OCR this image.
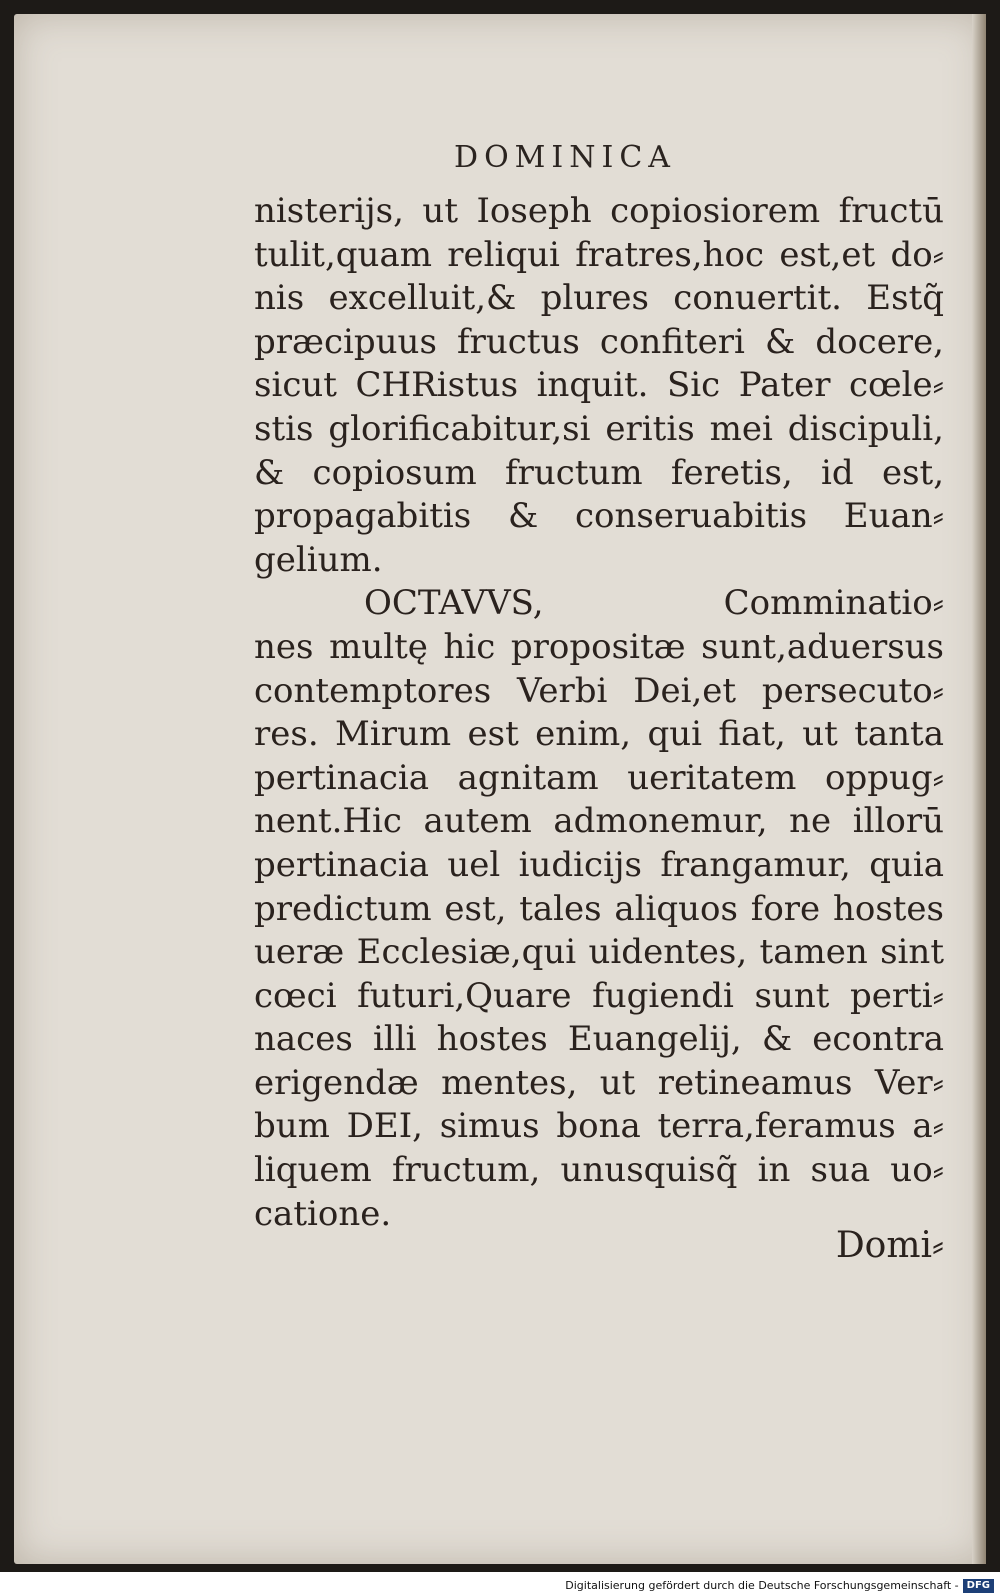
DOMINICA
nisterijs, ut Ioseph copiosiorem fructū
tulit,quam reliqui fratres,hoc est,et do⸗
nis excelluit,& plures conuertit. Estq̃
præcipuus fructus confiteri & docere,
sicut CHRistus inquit. Sic Pater cœle⸗
stis glorificabitur,si eritis mei discipuli,
& copiosum fructum feretis, id est,
propagabitis & conseruabitis Euan⸗
gelium.
OCTAVVS, Comminatio⸗
nes multę hic propositæ sunt,aduersus
contemptores Verbi Dei,et persecuto⸗
res. Mirum est enim, qui fiat, ut tanta
pertinacia agnitam ueritatem oppug⸗
nent.Hic autem admonemur, ne illorū
pertinacia uel iudicijs frangamur, quia
predictum est, tales aliquos fore hostes
ueræ Ecclesiæ,qui uidentes, tamen sint
cœci futuri,Quare fugiendi sunt perti⸗
naces illi hostes Euangelij, & econtra
erigendæ mentes, ut retineamus Ver⸗
bum DEI, simus bona terra,feramus a⸗
liquem fructum, unusquisq̃ in sua uo⸗
catione.
Domi⸗
Digitalisierung gefördert durch die Deutsche Forschungsgemeinschaft - DFG
